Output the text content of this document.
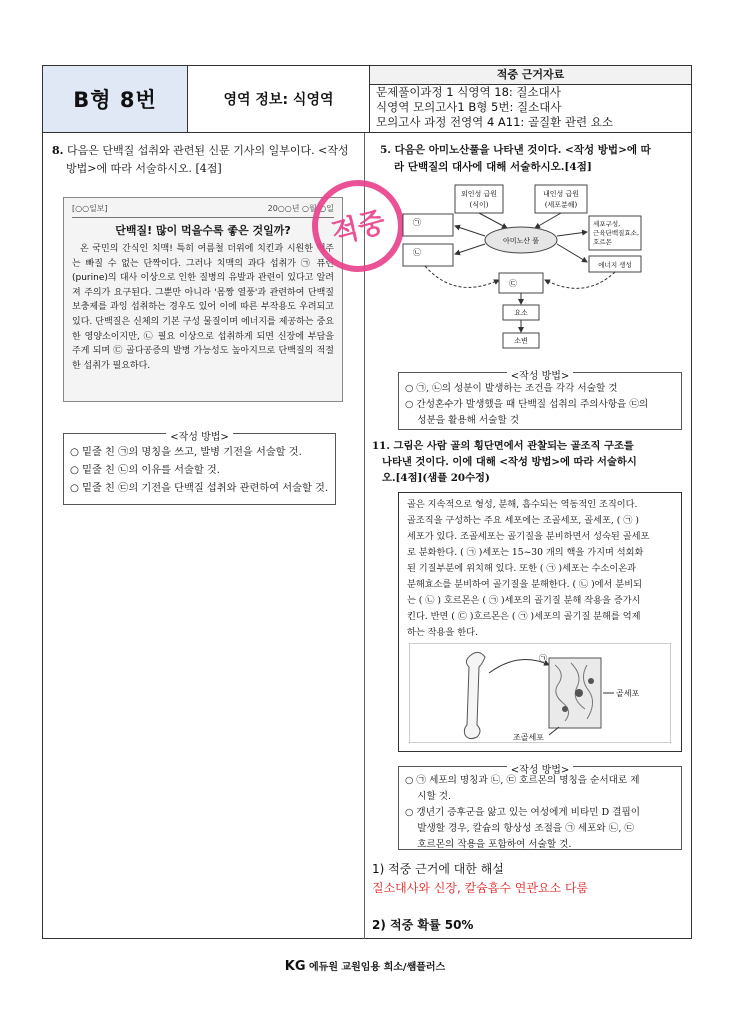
B형 8번	영역 정보: 식영역
적중 근거자료
문제풀이과정 1 식영역 18: 질소대사
식영역 모의고사1 B형 5번: 질소대사
모의고사 과정 전영역 4 A11: 골질환 관련 요소
8. 다음은 단백질 섭취와 관련된 신문 기사의 일부이다. <작성
방법>에 따라 서술하시오. [4점]
[○○일보]	20○○년 ○월 ○일
단백질! 많이 먹을수록 좋은 것일까?
온 국민의 간식인 치맥! 특히 여름철 더위에 치킨과 시원한 맥주는 빠질 수 없는 단짝이다. 그러나 치맥의 과다 섭취가 ㉠ 퓨린(purine)의 대사 이상으로 인한 질병의 유발과 관련이 있다고 알려져 주의가 요구된다. 그뿐만 아니라 '몸짱 열풍'과 관련하여 단백질 보충제를 과잉 섭취하는 경우도 있어 이에 따른 부작용도 우려되고 있다. 단백질은 신체의 기본 구성 물질이며 에너지를 제공하는 중요한 영양소이지만, ㉡ 필요 이상으로 섭취하게 되면 신장에 부담을 주게 되며 ㉢ 골다공증의 발병 가능성도 높아지므로 단백질의 적절한 섭취가 필요하다.
<작성 방법>
○ 밑줄 친 ㉠의 명칭을 쓰고, 발병 기전을 서술할 것.
○ 밑줄 친 ㉡의 이유를 서술할 것.
○ 밑줄 친 ㉢의 기전을 단백질 섭취와 관련하여 서술할 것.
적중
5. 다음은 아미노산풀을 나타낸 것이다. <작성 방법>에 따
라 단백질의 대사에 대해 서술하시오.[4점]
외인성 급원
(식이)
내인성 급원
(세포분해)
아미노산 풀
㉠
㉡
세포구성,
근육단백질효소,
호르몬
에너지 생성
㉢
요소
소변
<작성 방법>
○ ㉠, ㉡의 성분이 발생하는 조건을 각각 서술할 것
○ 간성혼수가 발생했을 때 단백질 섭취의 주의사항을 ㉢의
성분을 활용해 서술할 것
11. 그림은 사람 골의 횡단면에서 관찰되는 골조직 구조를
나타낸 것이다. 이에 대해 <작성 방법>에 따라 서술하시
오.[4점](샘플 20수정)
골은 지속적으로 형성, 분해, 흡수되는 역동적인 조직이다.
골조직을 구성하는 주요 세포에는 조골세포, 골세포, ( ㉠ )
세포가 있다. 조골세포는 골기질을 분비하면서 성숙된 골세포
로 분화한다. ( ㉠ )세포는 15~30 개의 핵을 가지며 석회화
된 기질부분에 위치해 있다. 또한 ( ㉠ )세포는 수소이온과
분해효소를 분비하여 골기질을 분해한다. ( ㉡ )에서 분비되
는 ( ㉡ ) 호르몬은 ( ㉠ )세포의 골기질 분해 작용을 증가시
킨다. 반면 ( ㉢ )호르몬은 ( ㉠ )세포의 골기질 분해를 억제
하는 작용을 한다.
㉠
골세포
조골세포
<작성 방법>
○ ㉠ 세포의 명칭과 ㉡, ㉢ 호르몬의 명칭을 순서대로 제
시할 것.
○ 갱년기 증후군을 앓고 있는 여성에게 비타민 D 결핍이
발생할 경우, 칼슘의 항상성 조절을 ㉠ 세포와 ㉡, ㉢
호르몬의 작용을 포함하여 서술할 것.
1) 적중 근거에 대한 해설
질소대사와 신장, 칼슘흡수 연관요소 다룸
2) 적중 확률 50%
KG 에듀원 교원임용 희소/쌤플러스
